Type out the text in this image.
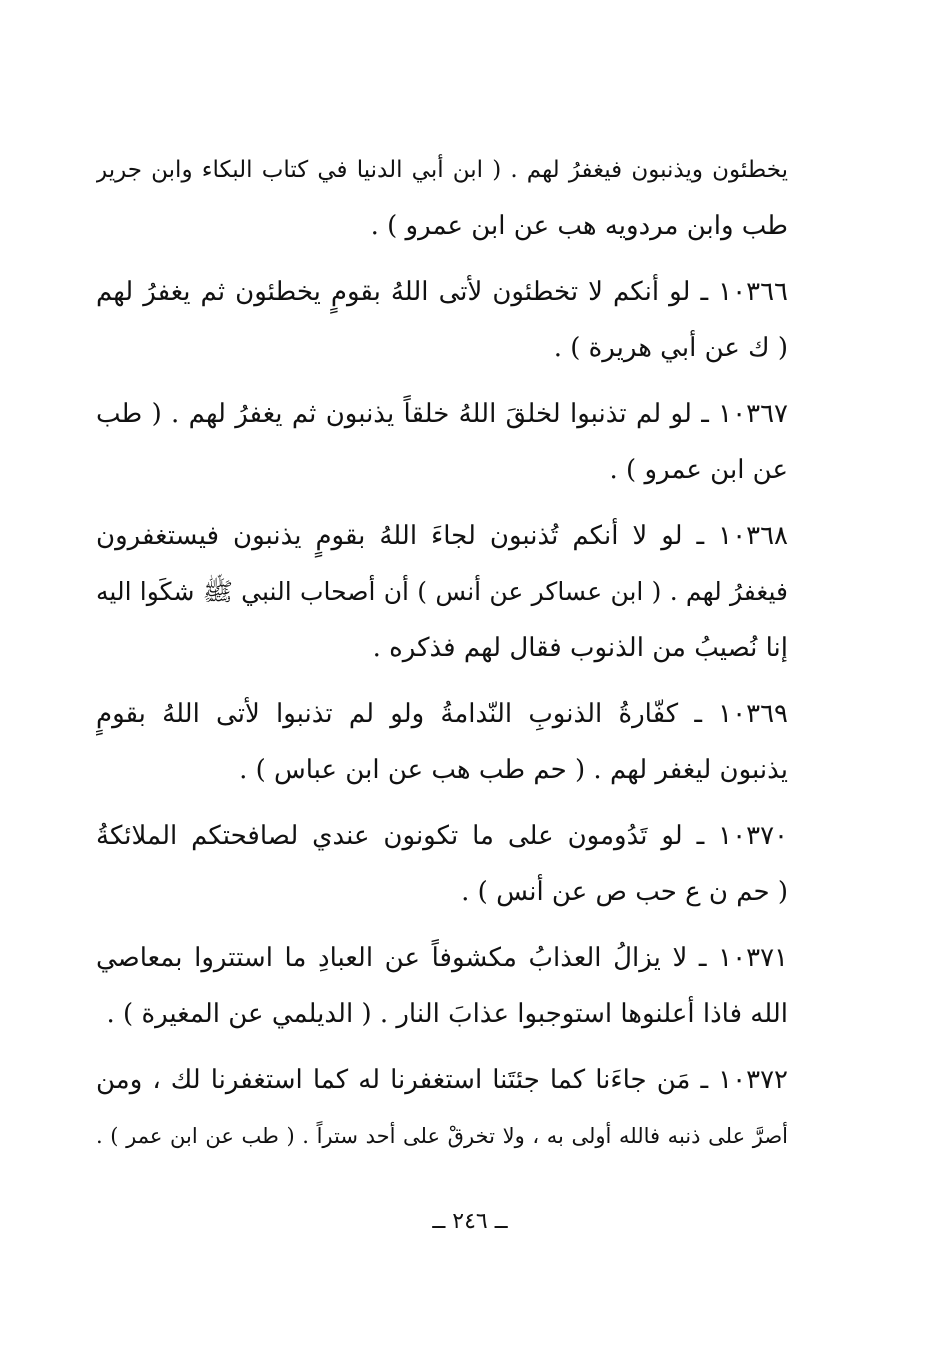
يخطئون ويذنبون فيغفرُ لهم . ( ابن أبي الدنيا في كتاب البكاء وابن جرير
طب وابن مردويه هب عن ابن عمرو ) .
١٠٣٦٦ ـ لو أنكم لا تخطئون لأتى اللهُ بقومٍ يخطئون ثم يغفرُ لهم
( ك عن أبي هريرة ) .
١٠٣٦٧ ـ لو لم تذنبوا لخلقَ اللهُ خلقاً يذنبون ثم يغفرُ لهم . ( طب
عن ابن عمرو ) .
١٠٣٦٨ ـ لو لا أنكم تُذنبون لجاءَ اللهُ بقومٍ يذنبون فيستغفرون
فيغفرُ لهم . ( ابن عساكر عن أنس ) أن أصحاب النبي ﷺ شكَوا اليه
إنا نُصيبُ من الذنوب فقال لهم فذكره .
١٠٣٦٩ ـ كفّارةُ الذنوبِ النّدامةُ ولو لم تذنبوا لأتى اللهُ بقومٍ
يذنبون ليغفر لهم . ( حم طب هب عن ابن عباس ) .
١٠٣٧٠ ـ لو تَدُومون على ما تكونون عندي لصافحتكم الملائكةُ
( حم ن ع حب ص عن أنس ) .
١٠٣٧١ ـ لا يزالُ العذابُ مكشوفاً عن العبادِ ما استتروا بمعاصي
الله فاذا أعلنوها استوجبوا عذابَ النار . ( الديلمي عن المغيرة ) .
١٠٣٧٢ ـ مَن جاءَنا كما جئتَنا استغفرنا له كما استغفرنا لك ، ومن
أصرَّ على ذنبه فالله أولى به ، ولا تخرقْ على أحد ستراً . ( طب عن ابن عمر ) .
ــ ٢٤٦ ــ
